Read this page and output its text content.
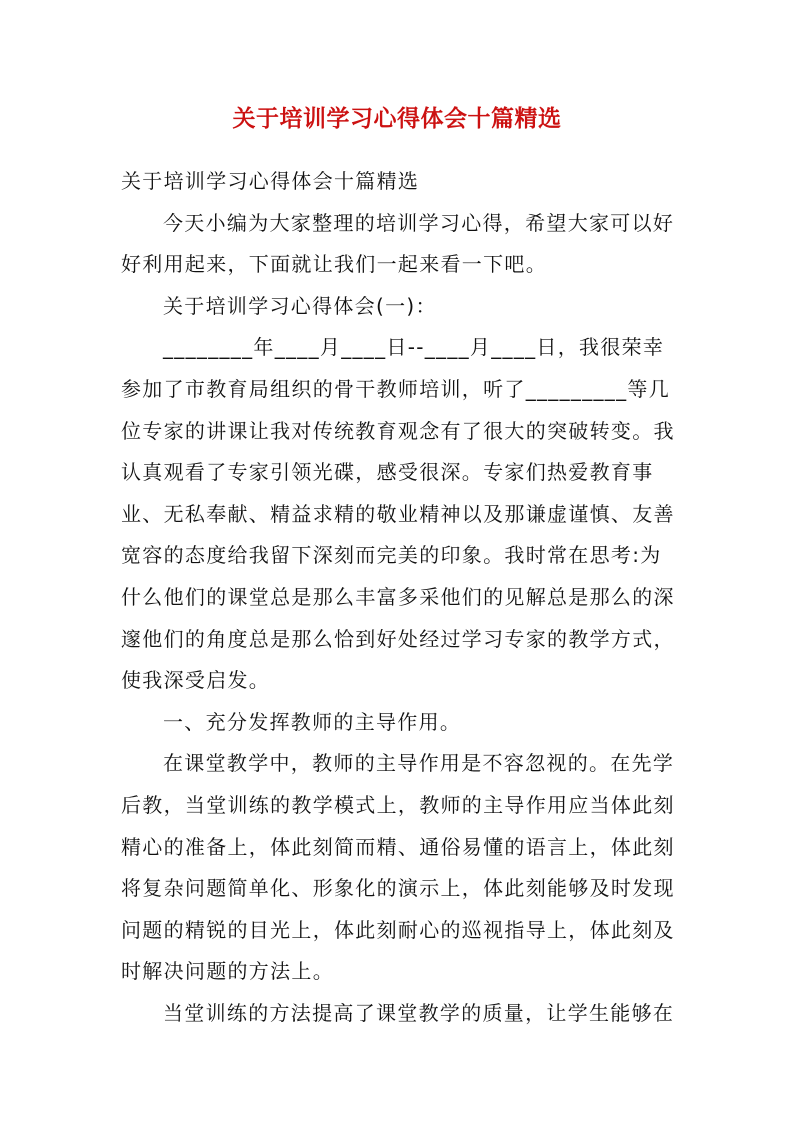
关于培训学习心得体会十篇精选

关于培训学习心得体会十篇精选

今天小编为大家整理的培训学习心得，希望大家可以好好利用起来，下面就让我们一起来看一下吧。

关于培训学习心得体会(一)：

________年____月____日--____月____日，我很荣幸参加了市教育局组织的骨干教师培训，听了_________等几位专家的讲课让我对传统教育观念有了很大的突破转变。我认真观看了专家引领光碟，感受很深。专家们热爱教育事业、无私奉献、精益求精的敬业精神以及那谦虚谨慎、友善宽容的态度给我留下深刻而完美的印象。我时常在思考:为什么他们的课堂总是那么丰富多采他们的见解总是那么的深邃他们的角度总是那么恰到好处经过学习专家的教学方式，使我深受启发。

一、充分发挥教师的主导作用。

在课堂教学中，教师的主导作用是不容忽视的。在先学后教，当堂训练的教学模式上，教师的主导作用应当体此刻精心的准备上，体此刻简而精、通俗易懂的语言上，体此刻将复杂问题简单化、形象化的演示上，体此刻能够及时发现问题的精锐的目光上，体此刻耐心的巡视指导上，体此刻及时解决问题的方法上。

当堂训练的方法提高了课堂教学的质量，让学生能够在
